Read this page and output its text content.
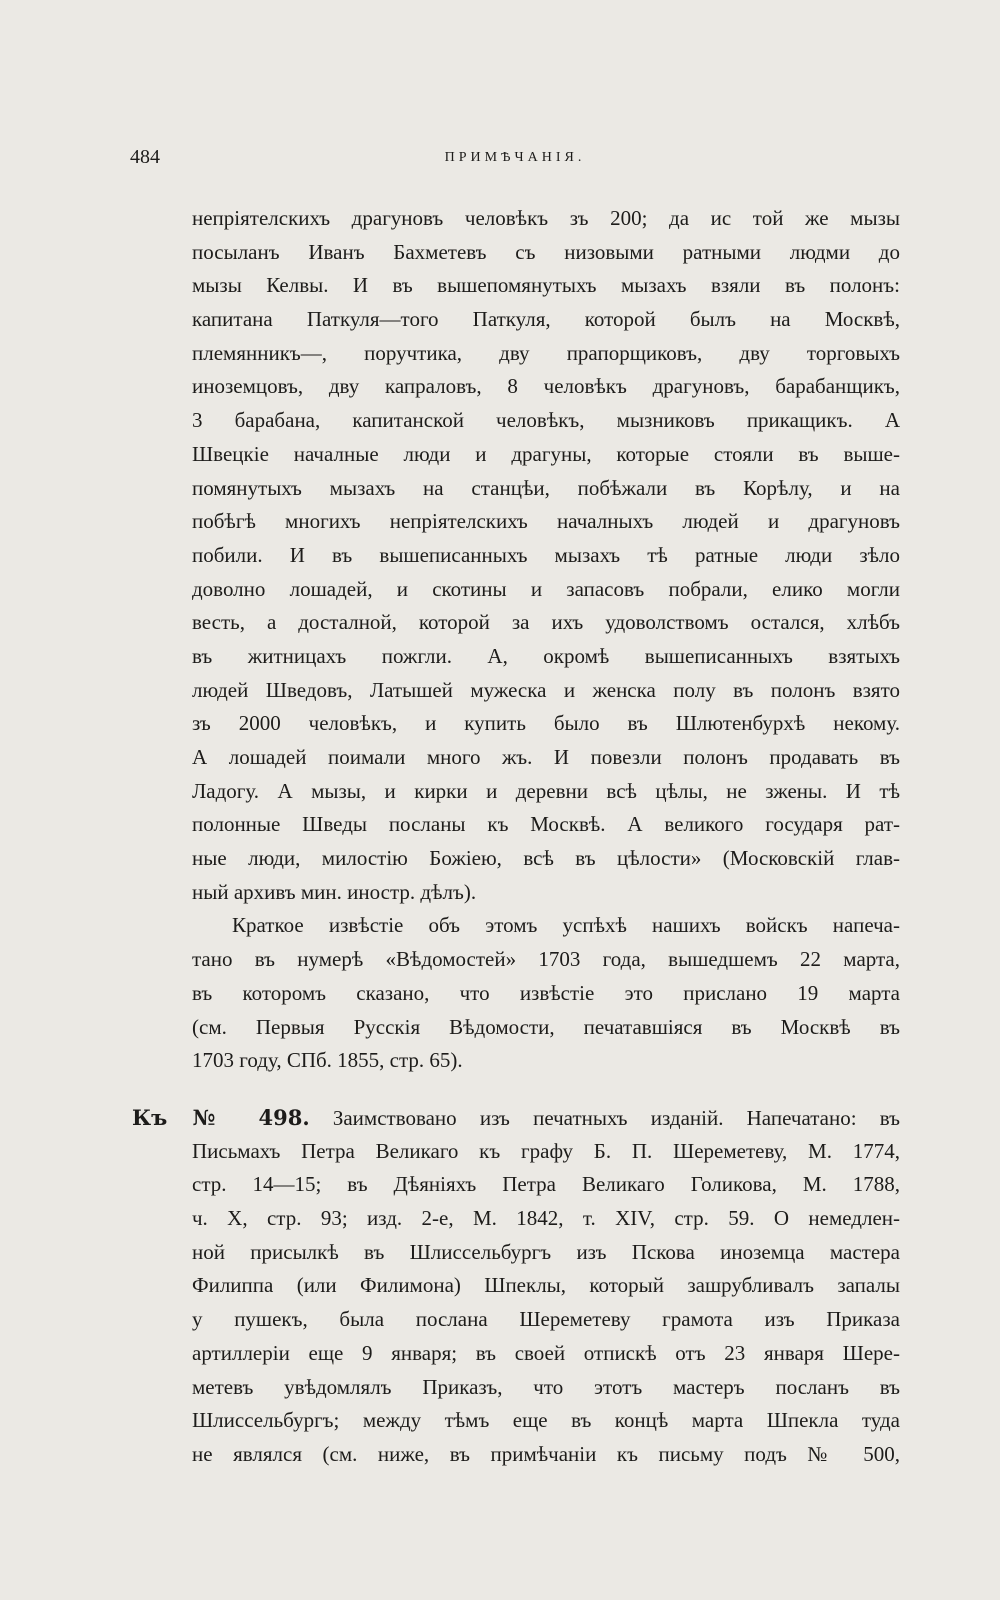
484	ПРИМѢЧАНІЯ.
непріятелскихъ драгуновъ человѣкъ зъ 200; да ис той же мызы
посыланъ Иванъ Бахметевъ съ низовыми ратными людми до
мызы Келвы. И въ вышепомянутыхъ мызахъ взяли въ полонъ:
капитана Паткуля—того Паткуля, которой былъ на Москвѣ,
племянникъ—, поручтика, дву прапорщиковъ, дву торговыхъ
иноземцовъ, дву капраловъ, 8 человѣкъ драгуновъ, барабанщикъ,
3 барабана, капитанской человѣкъ, мызниковъ прикащикъ. А
Швецкіе началные люди и драгуны, которые стояли въ выше-
помянутыхъ мызахъ на станцѣи, побѣжали въ Корѣлу, и на
побѣгѣ многихъ непріятелскихъ началныхъ людей и драгуновъ
побили. И въ вышеписанныхъ мызахъ тѣ ратные люди зѣло
доволно лошадей, и скотины и запасовъ побрали, елико могли
весть, а досталной, которой за ихъ удоволствомъ остался, хлѣбъ
въ житницахъ пожгли. А, окромѣ вышеписанныхъ взятыхъ
людей Шведовъ, Латышей мужеска и женска полу въ полонъ взято
зъ 2000 человѣкъ, и купить было въ Шлютенбурхѣ некому.
А лошадей поимали много жъ. И повезли полонъ продавать въ
Ладогу. А мызы, и кирки и деревни всѣ цѣлы, не зжены. И тѣ
полонные Шведы посланы къ Москвѣ. А великого государя рат-
ные люди, милостію Божіею, всѣ въ цѣлости» (Московскій глав-
ный архивъ мин. иностр. дѣлъ).
Краткое извѣстіе объ этомъ успѣхѣ нашихъ войскъ напеча-
тано въ нумерѣ «Вѣдомостей» 1703 года, вышедшемъ 22 марта,
въ которомъ сказано, что извѣстіе это прислано 19 марта
(см. Первыя Русскія Вѣдомости, печатавшіяся въ Москвѣ въ
1703 году, СПб. 1855, стр. 65).
Къ № 498. Заимствовано изъ печатныхъ изданій. Напечатано: въ
Письмахъ Петра Великаго къ графу Б. П. Шереметеву, М. 1774,
стр. 14—15; въ Дѣяніяхъ Петра Великаго Голикова, М. 1788,
ч. X, стр. 93; изд. 2-е, М. 1842, т. XIV, стр. 59. О немедлен-
ной присылкѣ въ Шлиссельбургъ изъ Пскова иноземца мастера
Филиппа (или Филимона) Шпеклы, который зашрубливалъ запалы
у пушекъ, была послана Шереметеву грамота изъ Приказа
артиллеріи еще 9 января; въ своей отпискѣ отъ 23 января Шере-
метевъ увѣдомлялъ Приказъ, что этотъ мастеръ посланъ въ
Шлиссельбургъ; между тѣмъ еще въ концѣ марта Шпекла туда
не являлся (см. ниже, въ примѣчаніи къ письму подъ № 500,
